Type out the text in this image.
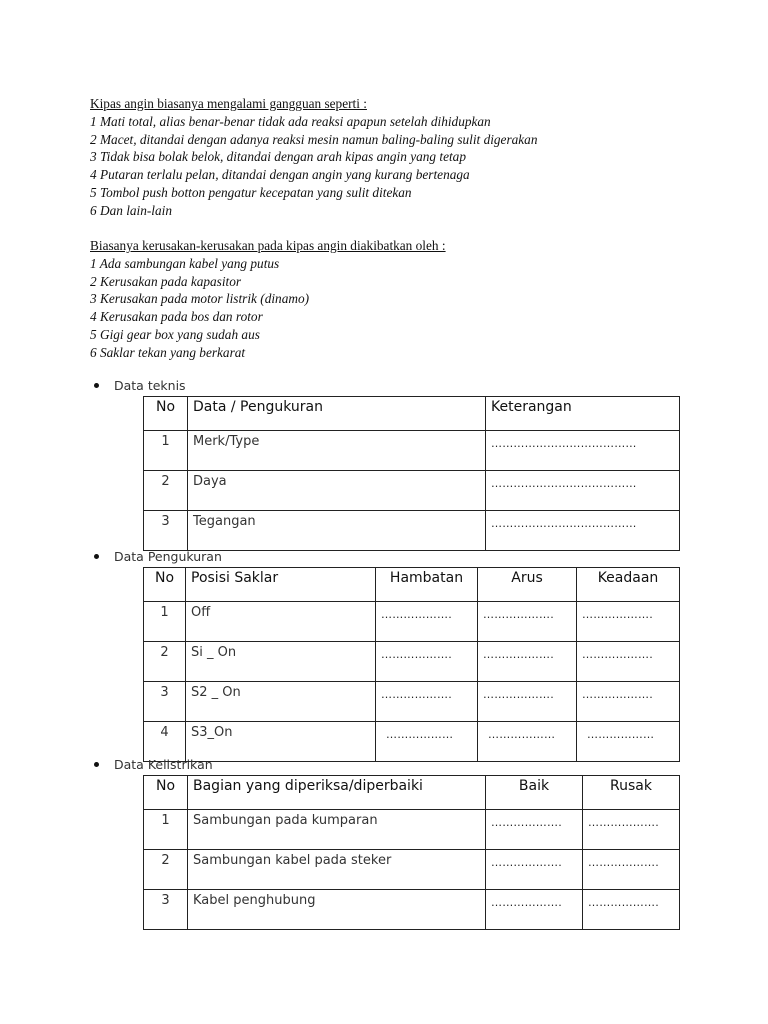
Kipas angin biasanya mengalami gangguan seperti :
1 Mati total, alias benar-benar tidak ada reaksi apapun setelah dihidupkan
2 Macet, ditandai dengan adanya reaksi mesin namun baling-baling sulit digerakan
3 Tidak bisa bolak belok, ditandai dengan arah kipas angin yang tetap
4 Putaran terlalu pelan, ditandai dengan angin yang kurang bertenaga
5 Tombol push botton pengatur kecepatan yang sulit ditekan
6 Dan lain-lain
Biasanya kerusakan-kerusakan pada kipas angin diakibatkan oleh :
1 Ada sambungan kabel yang putus
2 Kerusakan pada kapasitor
3 Kerusakan pada motor listrik (dinamo)
4 Kerusakan pada bos dan rotor
5 Gigi gear box yang sudah aus
6 Saklar tekan yang berkarat
Data teknis
No	Data / Pengukuran	Keterangan
1	Merk/Type	…………………………………
2	Daya	…………………………………
3	Tegangan	…………………………………
Data Pengukuran
No	Posisi Saklar	Hambatan	Arus	Keadaan
1	Off	……………….	……………….	……………….
2	Si _ On	……………….	……………….	……………….
3	S2 _ On	……………….	……………….	……………….
4	S3_On	………………	………………	………………
Data Kelistrikan
No	Bagian yang diperiksa/diperbaiki	Baik	Rusak
1	Sambungan pada kumparan	……………….	……………….
2	Sambungan kabel pada steker	……………….	……………….
3	Kabel penghubung	……………….	……………….
